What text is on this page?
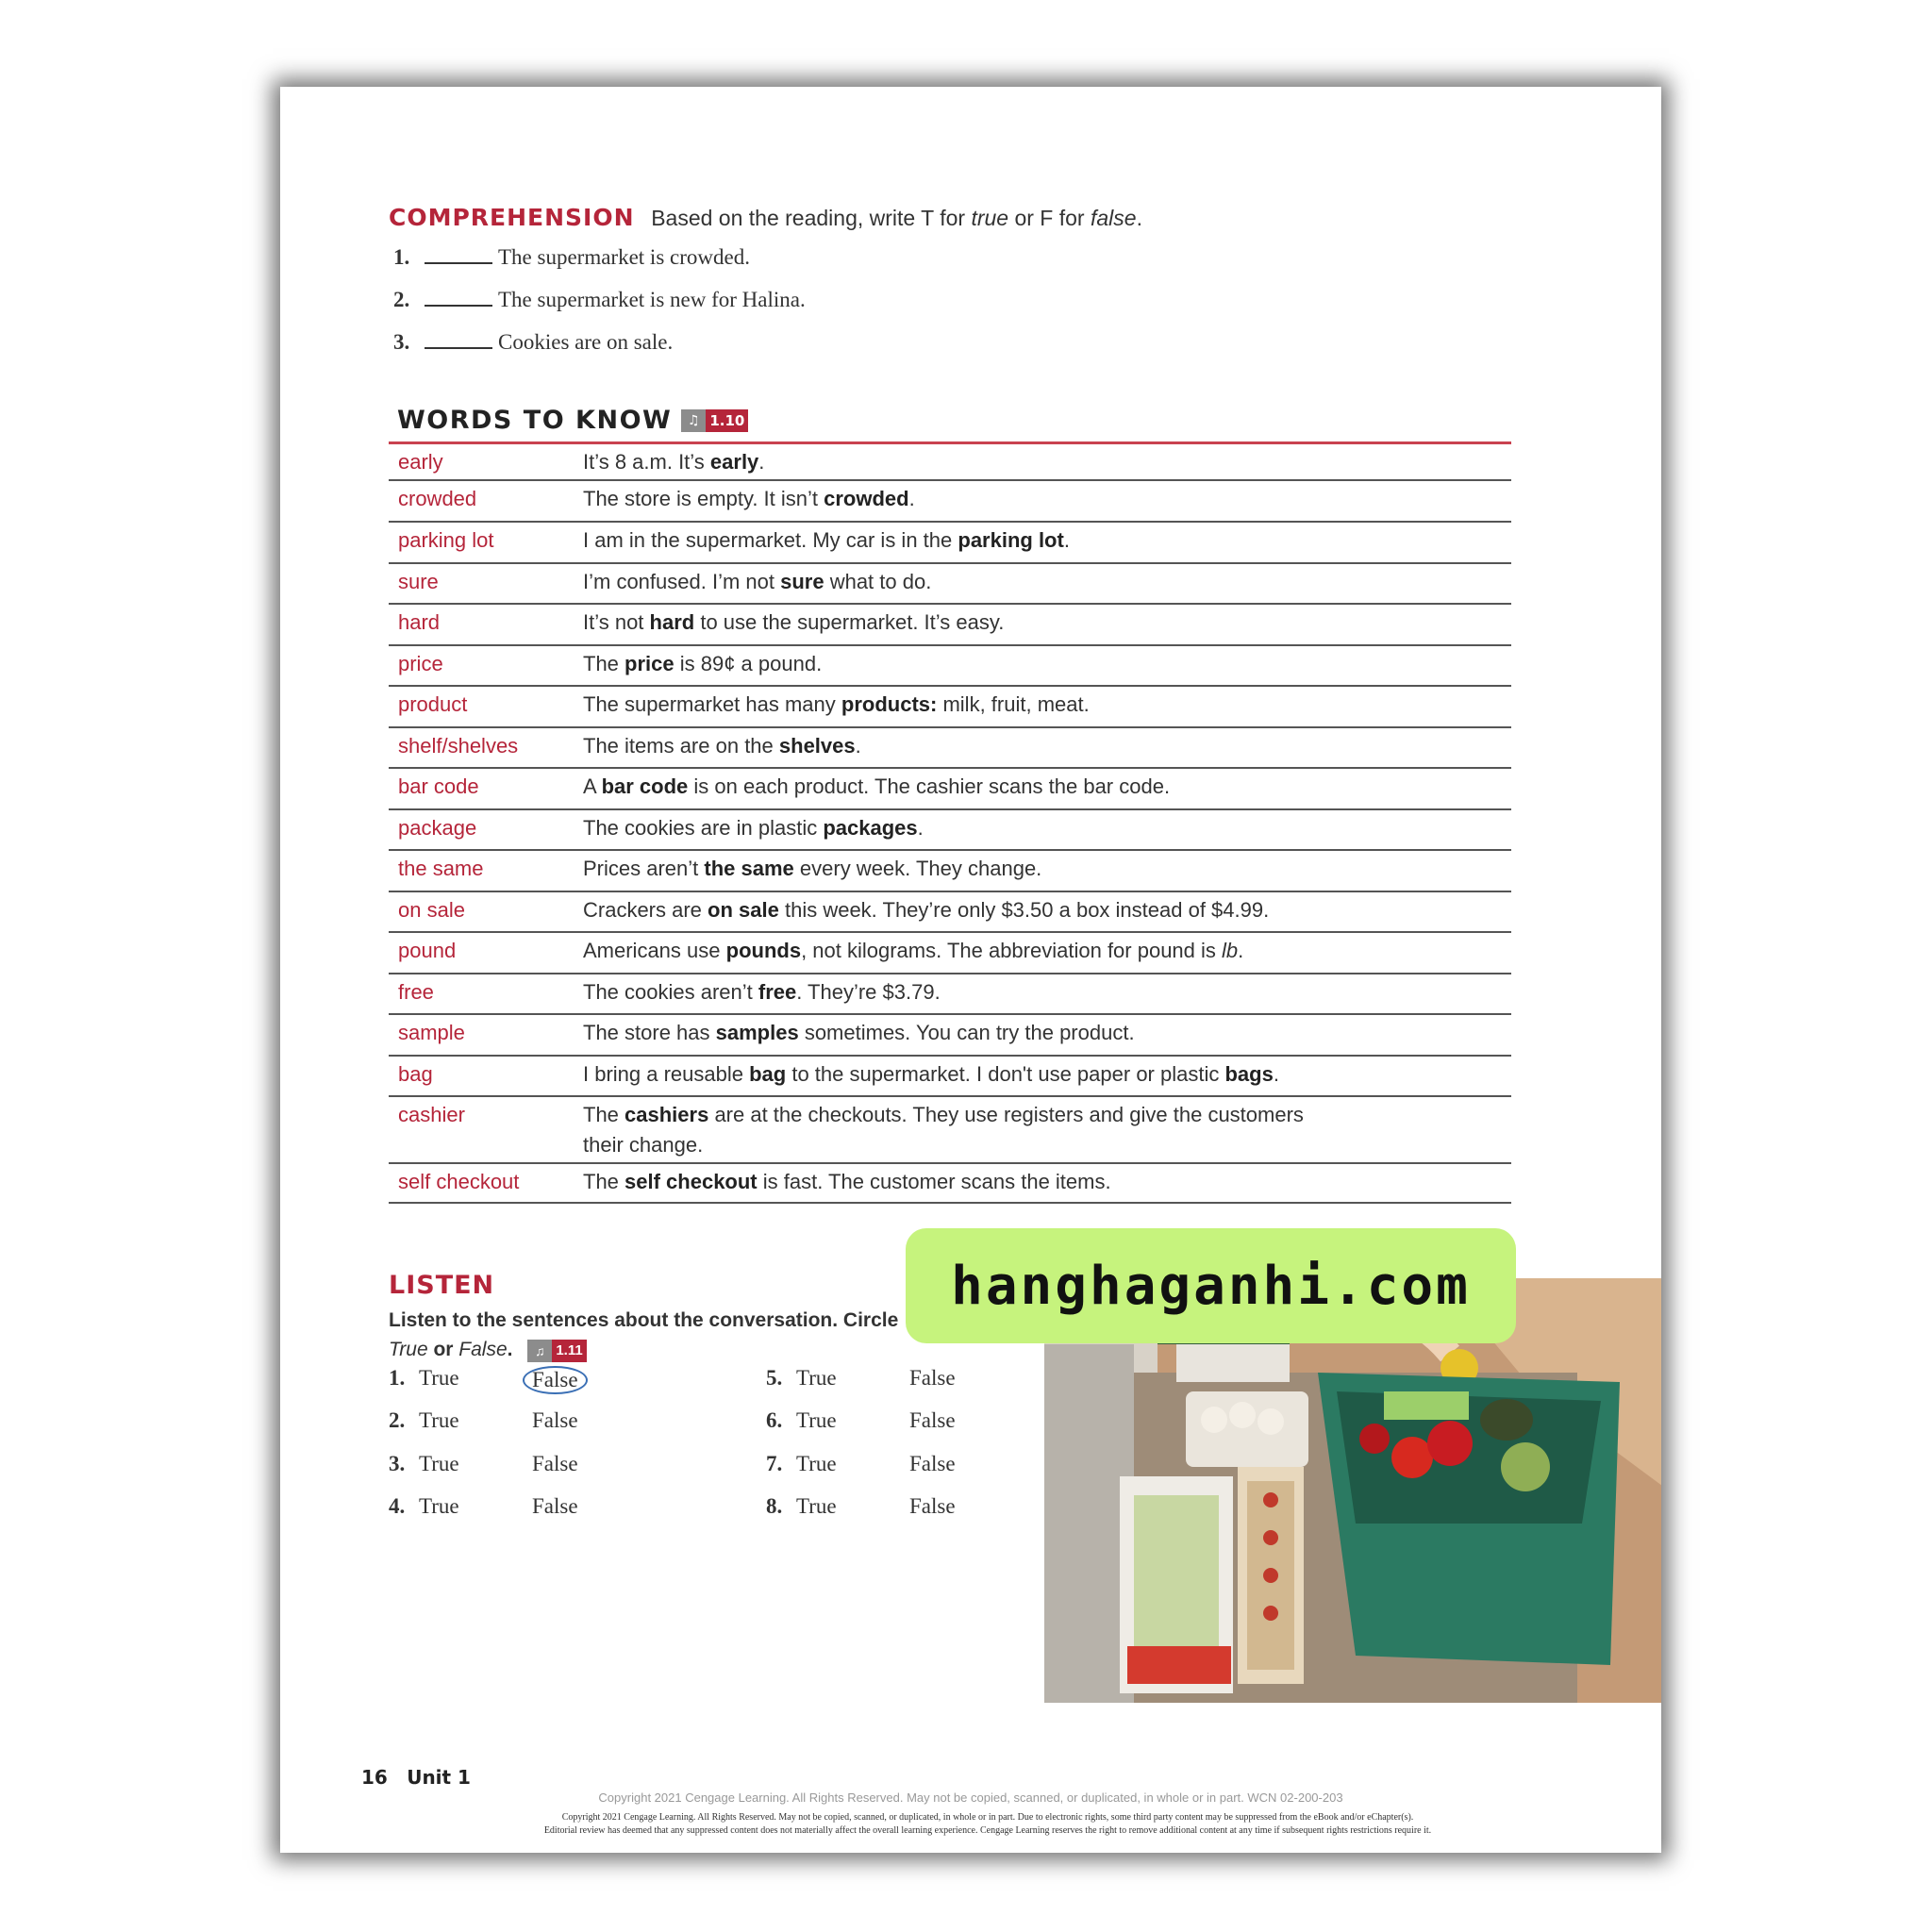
COMPREHENSION Based on the reading, write T for true or F for false.
1.	The supermarket is crowded.
2.	The supermarket is new for Halina.
3.	Cookies are on sale.
WORDS TO KNOW	♫ 1.10
early	It’s 8 a.m. It’s early.
crowded	The store is empty. It isn’t crowded.
parking lot	I am in the supermarket. My car is in the parking lot.
sure	I’m confused. I’m not sure what to do.
hard	It’s not hard to use the supermarket. It’s easy.
price	The price is 89¢ a pound.
product	The supermarket has many products: milk, fruit, meat.
shelf/shelves	The items are on the shelves.
bar code	A bar code is on each product. The cashier scans the bar code.
package	The cookies are in plastic packages.
the same	Prices aren’t the same every week. They change.
on sale	Crackers are on sale this week. They’re only $3.50 a box instead of $4.99.
pound	Americans use pounds, not kilograms. The abbreviation for pound is lb.
free	The cookies aren’t free. They’re $3.79.
sample	The store has samples sometimes. You can try the product.
bag	I bring a reusable bag to the supermarket. I don't use paper or plastic bags.
cashier	The cashiers are at the checkouts. They use registers and give the customers their change.
self checkout	The self checkout is fast. The customer scans the items.
LISTEN
Listen to the sentences about the conversation. Circle True or False.	♫ 1.11
1. True	False
2. True	False
3. True	False
4. True	False
5. True	False
6. True	False
7. True	False
8. True	False
hanghaganhi.com
16 Unit 1
Copyright 2021 Cengage Learning. All Rights Reserved. May not be copied, scanned, or duplicated, in whole or in part. WCN 02-200-203
Copyright 2021 Cengage Learning. All Rights Reserved. May not be copied, scanned, or duplicated, in whole or in part. Due to electronic rights, some third party content may be suppressed from the eBook and/or eChapter(s).
Editorial review has deemed that any suppressed content does not materially affect the overall learning experience. Cengage Learning reserves the right to remove additional content at any time if subsequent rights restrictions require it.
